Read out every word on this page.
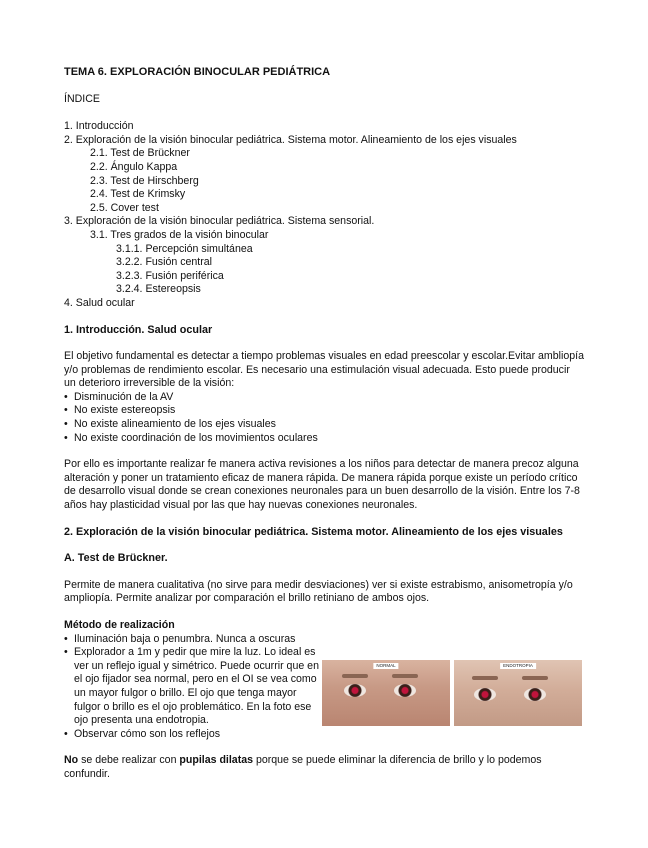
TEMA 6. EXPLORACIÓN BINOCULAR PEDIÁTRICA
ÍNDICE
1. Introducción
2. Exploración de la visión binocular pediátrica. Sistema motor. Alineamiento de los ejes visuales
2.1. Test de Brückner
2.2. Ángulo Kappa
2.3. Test de Hirschberg
2.4. Test de Krimsky
2.5. Cover test
3. Exploración de la visión binocular pediátrica. Sistema sensorial.
3.1. Tres grados de la visión binocular
3.1.1. Percepción simultánea
3.2.2. Fusión central
3.2.3. Fusión periférica
3.2.4. Estereopsis
4. Salud ocular
1. Introducción. Salud ocular

El objetivo fundamental es detectar a tiempo problemas visuales en edad preescolar y escolar.Evitar ambliopía y/o problemas de rendimiento escolar. Es necesario una estimulación visual adecuada. Esto puede producir un deterioro irreversible de la visión:

• Disminución de la AV
• No existe estereopsis
• No existe alineamiento de los ejes visuales
• No existe coordinación de los movimientos oculares

Por ello es importante realizar fe manera activa revisiones a los niños para detectar de manera precoz alguna alteración y poner un tratamiento eficaz de manera rápida. De manera rápida porque existe un período crítico de desarrollo visual donde se crean conexiones neuronales para un buen desarrollo de la visión. Entre los 7-8 años hay plasticidad visual por las que hay nuevas conexiones neuronales.

2. Exploración de la visión binocular pediátrica. Sistema motor. Alineamiento de los ejes visuales
A. Test de Brückner.

Permite de manera cualitativa (no sirve para medir desviaciones) ver si existe estrabismo, anisometropía y/o ampliopía. Permite analizar por comparación el brillo retiniano de ambos ojos.

Método de realización
• Iluminación baja o penumbra. Nunca a oscuras
• Explorador a 1m y pedir que mire la luz. Lo ideal es ver un reflejo igual y simétrico. Puede ocurrir que en el ojo fijador sea normal, pero en el OI se vea como un mayor fulgor o brillo. El ojo que tenga mayor fulgor o brillo es el ojo problemático. En la foto ese ojo presenta una endotropia.
• Observar cómo son los reflejos
NORMAL	ENDOTROPIA

No se debe realizar con pupilas dilatas porque se puede eliminar la diferencia de brillo y lo podemos confundir.
